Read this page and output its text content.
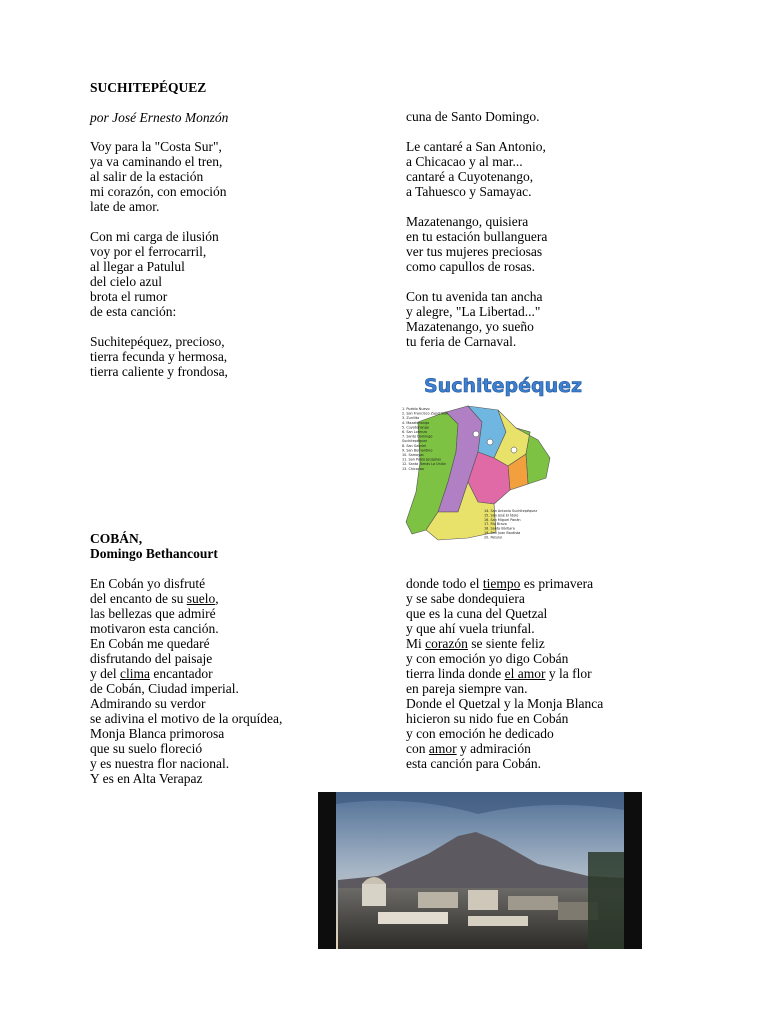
SUCHITEPÉQUEZ
por José Ernesto Monzón
Voy para la "Costa Sur",
ya va caminando el tren,
al salir de la estación
mi corazón, con emoción
late de amor.
Con mi carga de ilusión
voy por el ferrocarril,
al llegar a Patulul
del cielo azul
brota el rumor
de esta canción:
Suchitepéquez, precioso,
tierra fecunda y hermosa,
tierra caliente y frondosa,
cuna de Santo Domingo.
Le cantaré a San Antonio,
a Chicacao y al mar...
cantaré a Cuyotenango,
a Tahuesco y Samayac.
Mazatenango, quisiera
en tu estación bullanguera
ver tus mujeres preciosas
como capullos de rosas.
Con tu avenida tan ancha
y alegre, "La Libertad..."
Mazatenango, yo sueño
tu feria de Carnaval.
Suchitepéquez
1. Pueblo Nuevo
2. San Francisco Zapotitlán
3. Zunilito
4. Mazatenango
5. Cuyotenango
6. San Lorenzo
7. Santo Domingo
Suchitepéquez
8. San Gabriel
9. San Bernardino
10. Samayac
11. San Pablo Jocopilas
12. Santa Tomás La Unión
13. Chicacao
14. San Antonio Suchitepéquez
15. San José El Ídolo
16. San Miguel Panán
17. Río Bravo
18. Santa Bárbara
19. San Juan Bautista
20. Patulul
COBÁN,
Domingo Bethancourt
En Cobán yo disfruté
del encanto de su suelo,
las bellezas que admiré
motivaron esta canción.
En Cobán me quedaré
disfrutando del paisaje
y del clima encantador
de Cobán, Ciudad imperial.
Admirando su verdor
se adivina el motivo de la orquídea,
Monja Blanca primorosa
que su suelo floreció
y es nuestra flor nacional.
Y es en Alta Verapaz
donde todo el tiempo es primavera
y se sabe dondequiera
que es la cuna del Quetzal
y que ahí vuela triunfal.
Mi corazón se siente feliz
y con emoción yo digo Cobán
tierra linda donde el amor y la flor
en pareja siempre van.
Donde el Quetzal y la Monja Blanca
hicieron su nido fue en Cobán
y con emoción he dedicado
con amor y admiración
esta canción para Cobán.
